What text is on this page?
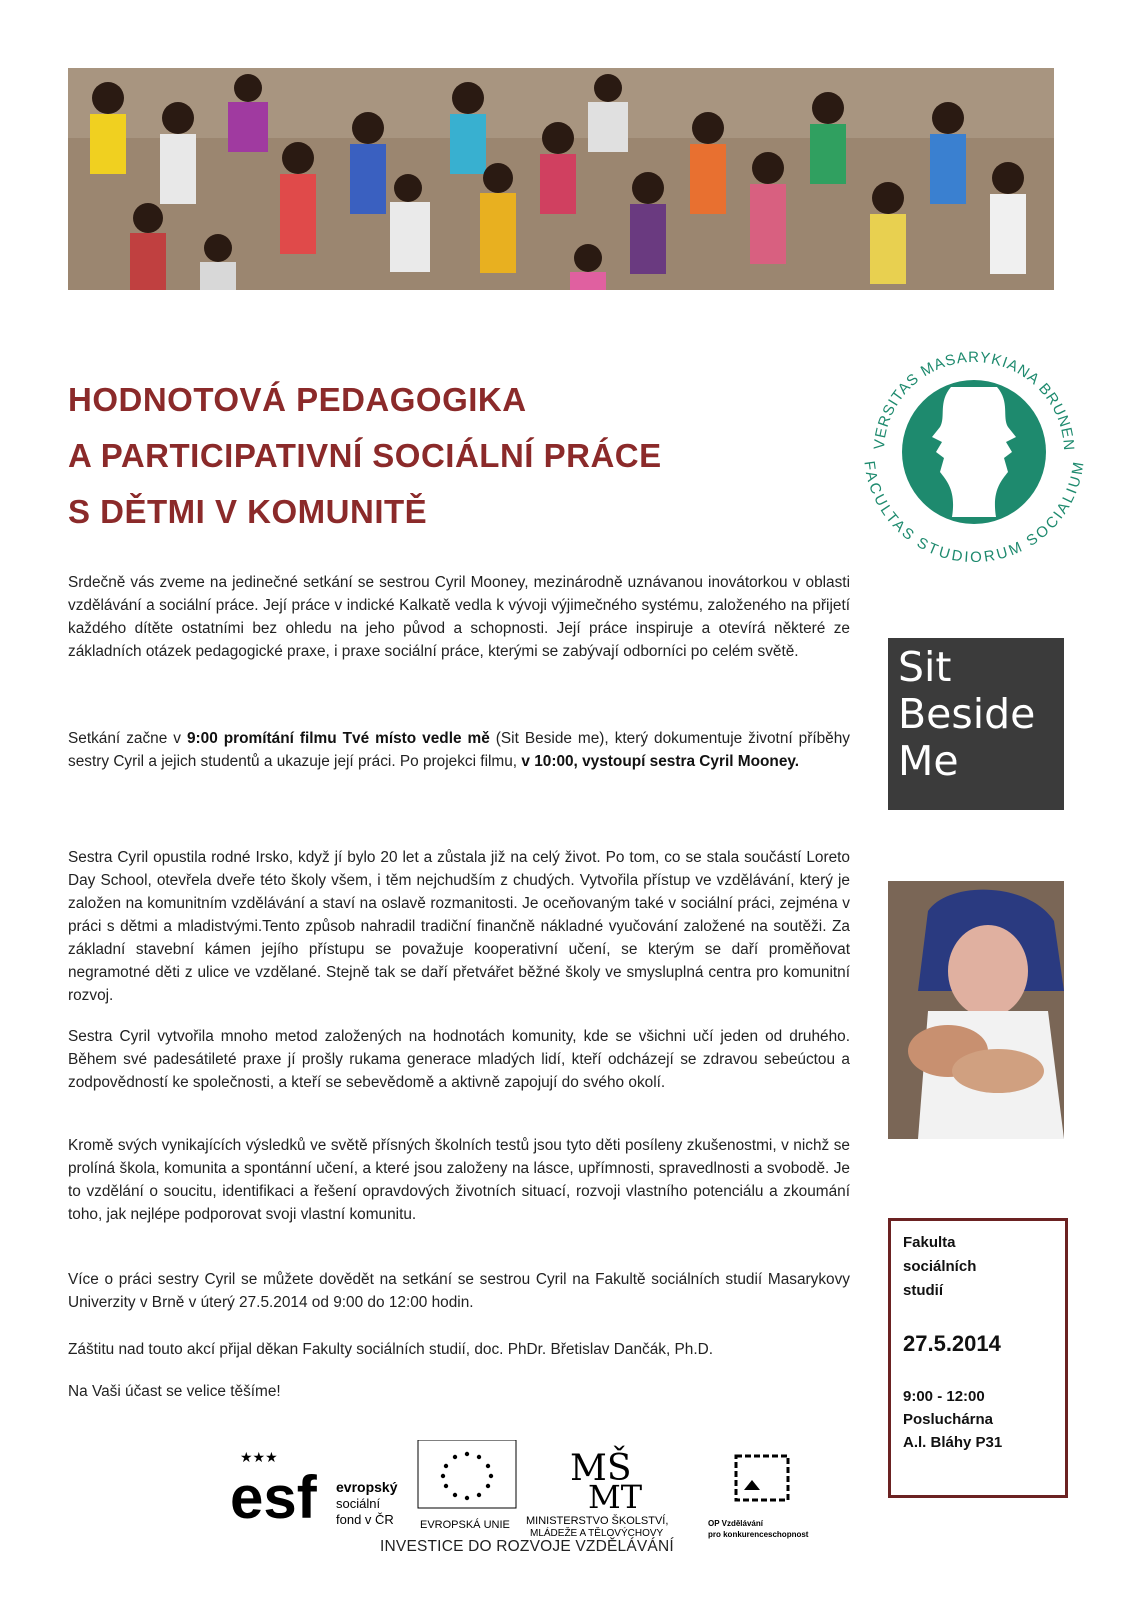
HODNOTOVÁ PEDAGOGIKA
A PARTICIPATIVNÍ SOCIÁLNÍ PRÁCE
S DĚTMI V KOMUNITĚ
VERSITAS MASARYKIANA BRUNEN
FACULTAS STUDIORUM SOCIALIUM

Srdečně vás zveme na jedinečné setkání se sestrou Cyril Mooney, mezinárodně uznávanou inovátorkou v oblasti vzdělávání a sociální práce. Její práce v indické Kalkatě vedla k vývoji výjimečného systému, založeného na přijetí každého dítěte ostatními bez ohledu na jeho původ a schopnosti. Její práce inspiruje a otevírá některé ze základních otázek pedagogické praxe, i praxe sociální práce, kterými se zabývají odborníci po celém světě.

Setkání začne v 9:00 promítání filmu Tvé místo vedle mě (Sit Beside me), který dokumentuje životní příběhy sestry Cyril a jejich studentů a ukazuje její práci. Po projekci filmu, v 10:00, vystoupí sestra Cyril Mooney.

Sestra Cyril opustila rodné Irsko, když jí bylo 20 let a zůstala již na celý život. Po tom, co se stala součástí Loreto Day School, otevřela dveře této školy všem, i těm nejchudším z chudých. Vytvořila přístup ve vzdělávání, který je založen na komunitním vzdělávání a staví na oslavě rozmanitosti. Je oceňovaným také v sociální práci, zejména v práci s dětmi a mladistvými.Tento způsob nahradil tradiční finančně nákladné vyučování založené na soutěži. Za základní stavební kámen jejího přístupu se považuje kooperativní učení, se kterým se daří proměňovat negramotné děti z ulice ve vzdělané. Stejně tak se daří přetvářet běžné školy ve smysluplná centra pro komunitní rozvoj.

Sestra Cyril vytvořila mnoho metod založených na hodnotách komunity, kde se všichni učí jeden od druhého. Během své padesátileté praxe jí prošly rukama generace mladých lidí, kteří odcházejí se zdravou sebeúctou a zodpovědností ke společnosti, a kteří se sebevědomě a aktivně zapojují do svého okolí.

Kromě svých vynikajících výsledků ve světě přísných školních testů jsou tyto děti posíleny zkušenostmi, v nichž se prolíná škola, komunita a spontánní učení, a které jsou založeny na lásce, upřímnosti, spravedlnosti a svobodě. Je to vzdělání o soucitu, identifikaci a řešení opravdových životních situací, rozvoji vlastního potenciálu a zkoumání toho, jak nejlépe podporovat svoji vlastní komunitu.

Více o práci sestry Cyril se můžete dovědět na setkání se sestrou Cyril na Fakultě sociálních studií Masarykovy Univerzity v Brně v úterý 27.5.2014 od 9:00 do 12:00 hodin.

Záštitu nad touto akcí přijal děkan Fakulty sociálních studií, doc. PhDr. Břetislav Dančák, Ph.D.

Na Vaši účast se velice těšíme!

Sit
Beside
Me
Fakulta
sociálních
studií
27.5.2014
9:00 - 12:00
Posluchárna
A.l. Bláhy P31
esf
★★★
evropský
sociální
fond v ČR EVROPSKÁ UNIE
MŠ
MT
MINISTERSTVO ŠKOLSTVÍ,
MLÁDEŽE A TĚLOVÝCHOVY
OP Vzdělávání
pro konkurenceschopnost
INVESTICE DO ROZVOJE VZDĚLÁVÁNÍ
